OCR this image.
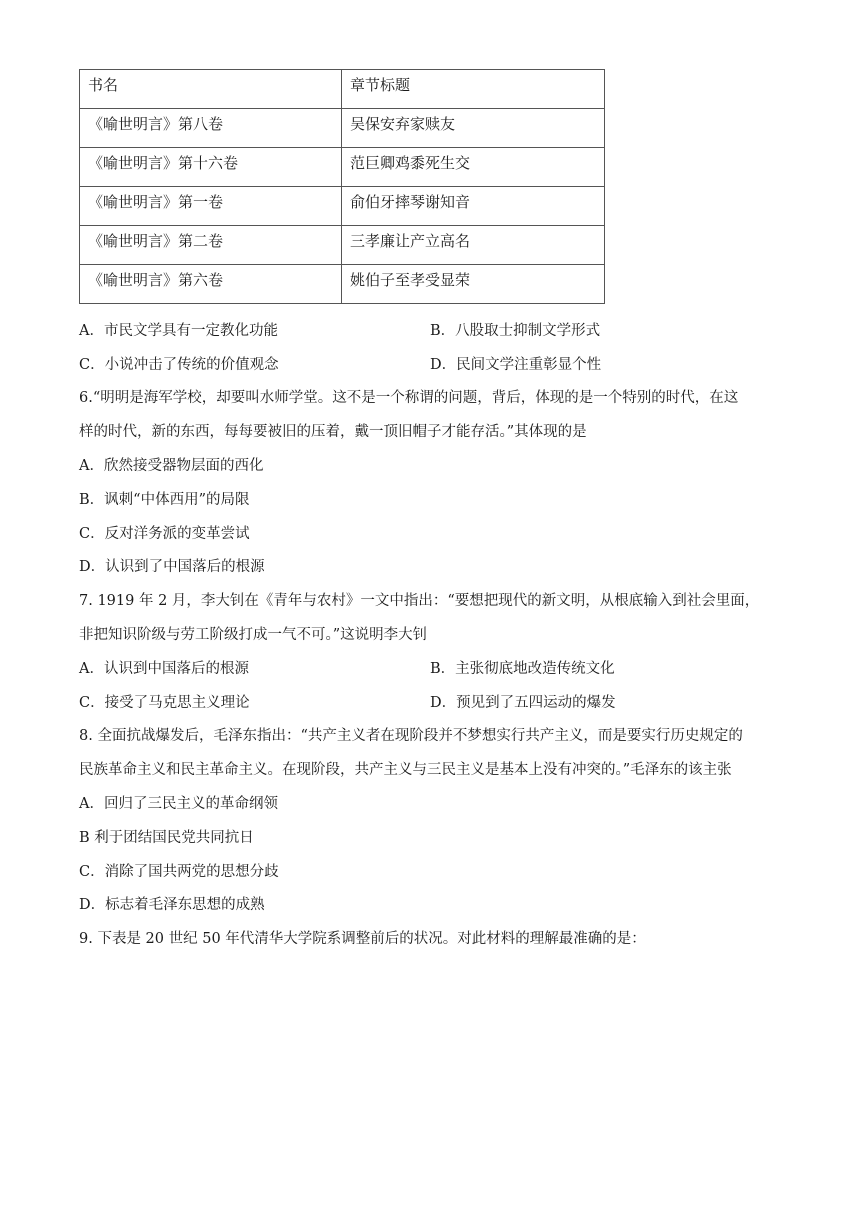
书名	章节标题
《喻世明言》第八卷	吴保安弃家赎友
《喻世明言》第十六卷	范巨卿鸡黍死生交
《喻世明言》第一卷	俞伯牙摔琴谢知音
《喻世明言》第二卷	三孝廉让产立高名
《喻世明言》第六卷	姚伯子至孝受显荣
A．市民文学具有一定教化功能	B．八股取士抑制文学形式
C．小说冲击了传统的价值观念	D．民间文学注重彰显个性
6.“明明是海军学校，却要叫水师学堂。这不是一个称谓的问题，背后，体现的是一个特别的时代，在这
样的时代，新的东西，每每要被旧的压着，戴一顶旧帽子才能存活。”其体现的是
A．欣然接受器物层面的西化
B．讽刺“中体西用”的局限
C．反对洋务派的变革尝试
D．认识到了中国落后的根源
7. 1919 年 2 月，李大钊在《青年与农村》一文中指出：“要想把现代的新文明，从根底输入到社会里面，
非把知识阶级与劳工阶级打成一气不可。”这说明李大钊
A．认识到中国落后的根源	B．主张彻底地改造传统文化
C．接受了马克思主义理论	D．预见到了五四运动的爆发
8. 全面抗战爆发后，毛泽东指出：“共产主义者在现阶段并不梦想实行共产主义，而是要实行历史规定的
民族革命主义和民主革命主义。在现阶段，共产主义与三民主义是基本上没有冲突的。”毛泽东的该主张
A．回归了三民主义的革命纲领
B 利于团结国民党共同抗日
C．消除了国共两党的思想分歧
D．标志着毛泽东思想的成熟
9. 下表是 20 世纪 50 年代清华大学院系调整前后的状况。对此材料的理解最准确的是：
